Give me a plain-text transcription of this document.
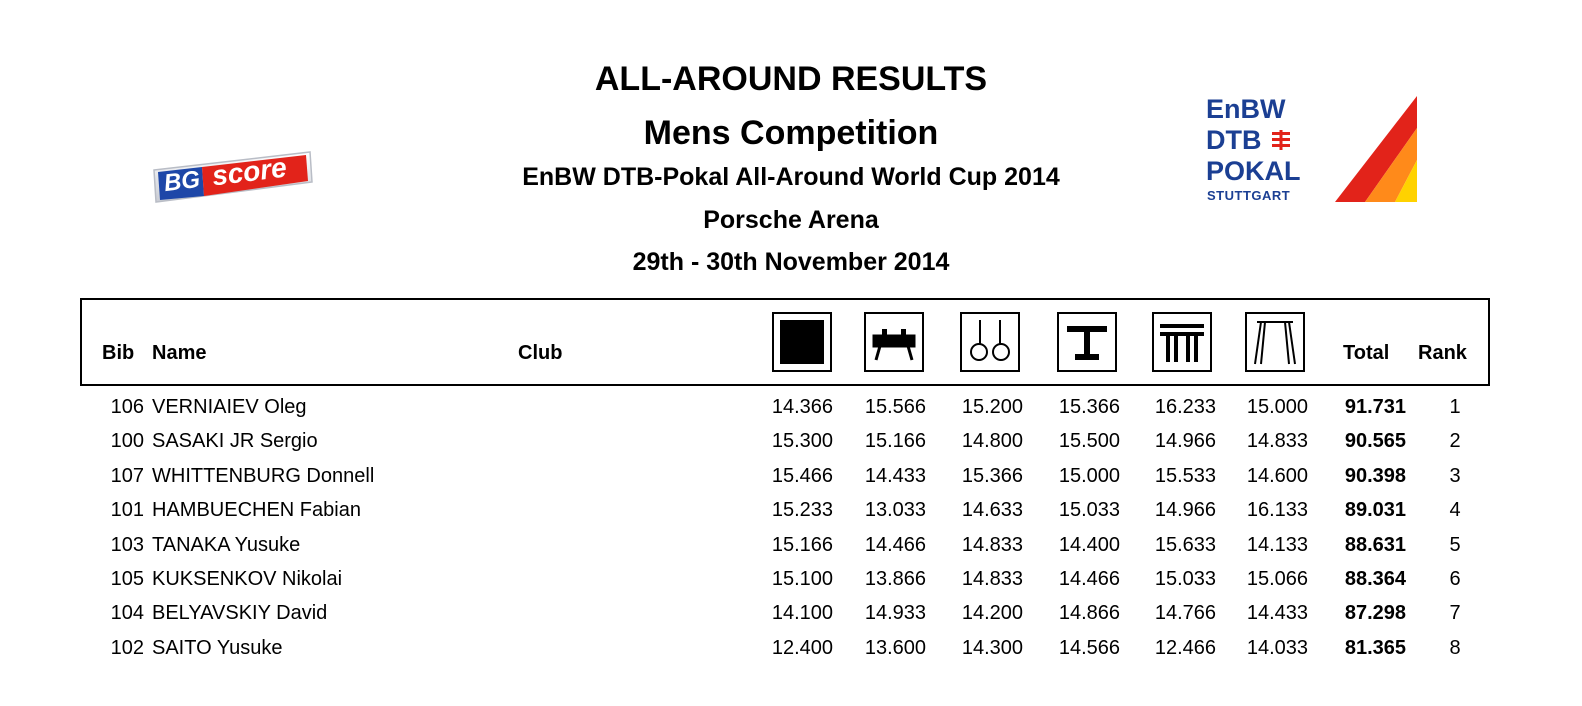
ALL-AROUND RESULTS
Mens Competition
EnBW DTB-Pokal All-Around World Cup 2014
Porsche Arena
29th - 30th November 2014
BG score
EnBW
DTB
POKAL
STUTTGART
Bib Name	Club	Total Rank
106 VERNIAIEV Oleg	14.366	15.566	15.200	15.366	16.233	15.000	91.731	1
100 SASAKI JR Sergio	15.300	15.166	14.800	15.500	14.966	14.833	90.565	2
107 WHITTENBURG Donnell	15.466	14.433	15.366	15.000	15.533	14.600	90.398	3
101 HAMBUECHEN Fabian	15.233	13.033	14.633	15.033	14.966	16.133	89.031	4
103 TANAKA Yusuke	15.166	14.466	14.833	14.400	15.633	14.133	88.631	5
105 KUKSENKOV Nikolai	15.100	13.866	14.833	14.466	15.033	15.066	88.364	6
104 BELYAVSKIY David	14.100	14.933	14.200	14.866	14.766	14.433	87.298	7
102 SAITO Yusuke	12.400	13.600	14.300	14.566	12.466	14.033	81.365	8
